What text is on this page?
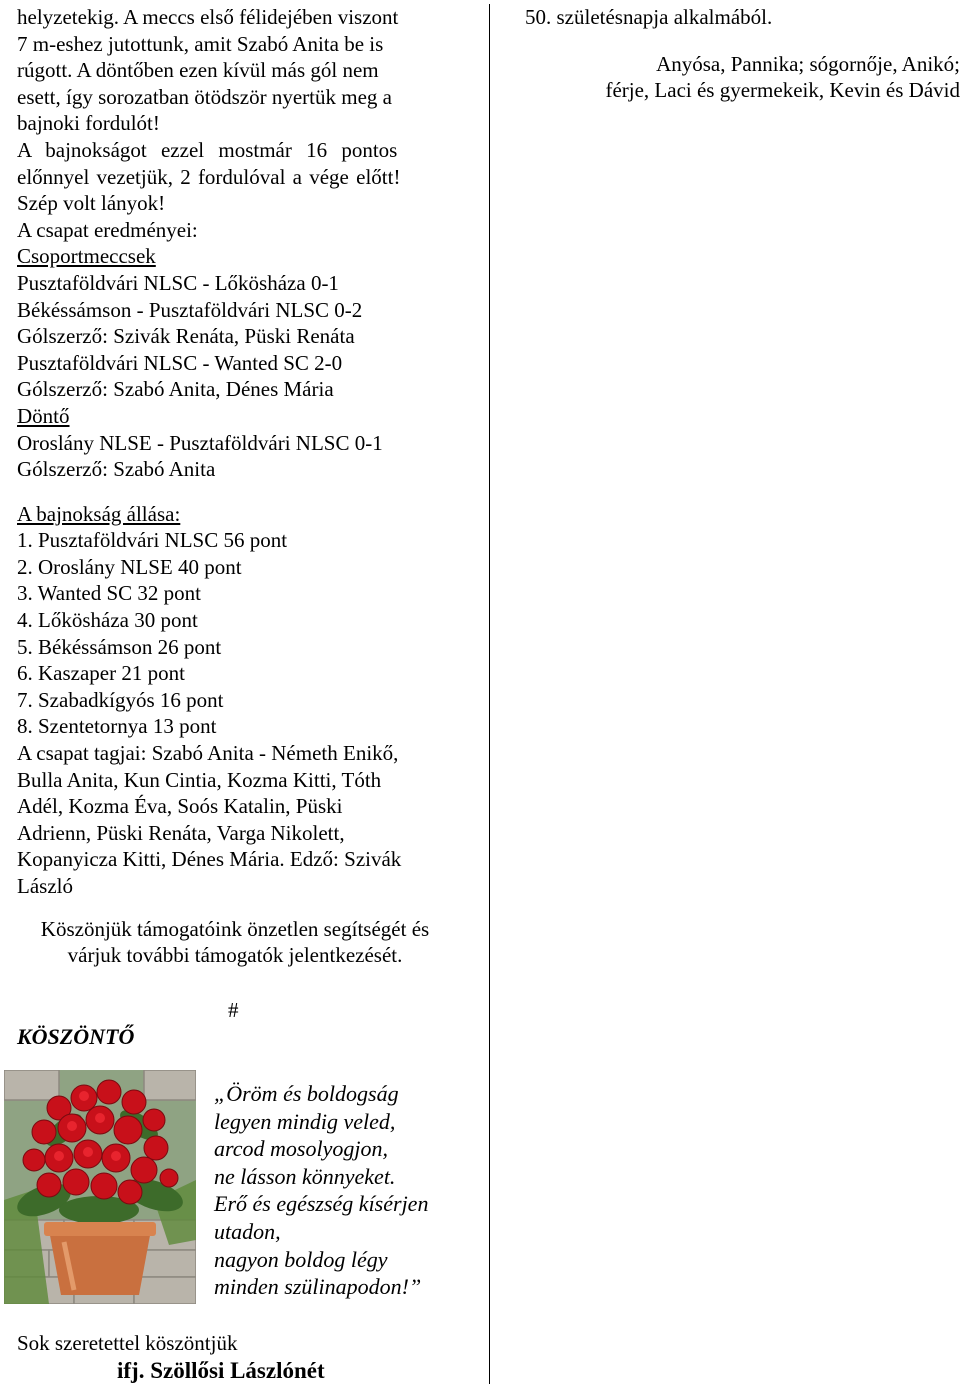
helyzetekig. A meccs első félidejében viszont

7 m-eshez jutottunk, amit Szabó Anita be is

rúgott. A döntőben ezen kívül más gól nem

esett, így sorozatban ötödször nyertük meg a

bajnoki fordulót!

A bajnokságot ezzel mostmár 16 pontos

előnnyel vezetjük, 2 fordulóval a vége előtt!

Szép volt lányok!

A csapat eredményei:

Csoportmeccsek

Pusztaföldvári NLSC - Lőkösháza 0-1

Békéssámson - Pusztaföldvári NLSC 0-2

Gólszerző: Szivák Renáta, Püski Renáta

Pusztaföldvári NLSC - Wanted SC 2-0

Gólszerző: Szabó Anita, Dénes Mária

Döntő

Oroslány NLSE - Pusztaföldvári NLSC 0-1

Gólszerző: Szabó Anita

A bajnokság állása:

1. Pusztaföldvári NLSC 56 pont

2. Oroslány NLSE 40 pont

3. Wanted SC 32 pont

4. Lőkösháza 30 pont

5. Békéssámson 26 pont

6. Kaszaper 21 pont

7. Szabadkígyós 16 pont

8. Szentetornya 13 pont

A csapat tagjai: Szabó Anita - Németh Enikő,

Bulla Anita, Kun Cintia, Kozma Kitti, Tóth

Adél, Kozma Éva, Soós Katalin, Püski

Adrienn, Püski Renáta, Varga Nikolett,

Kopanyicza Kitti, Dénes Mária. Edző: Szivák

László

Köszönjük támogatóink önzetlen segítségét és

várjuk további támogatók jelentkezését.

#
KÖSZÖNTŐ
„Öröm és boldogság
legyen mindig veled,
arcod mosolyogjon,
ne lásson könnyeket.
Erő és egészség kísérjen
utadon,
nagyon boldog légy
minden szülinapodon!”
Sok szeretettel köszöntjük
ifj. Szöllősi Lászlónét

50. születésnapja alkalmából.

Anyósa, Pannika; sógornője, Anikó;

férje, Laci és gyermekeik, Kevin és Dávid
